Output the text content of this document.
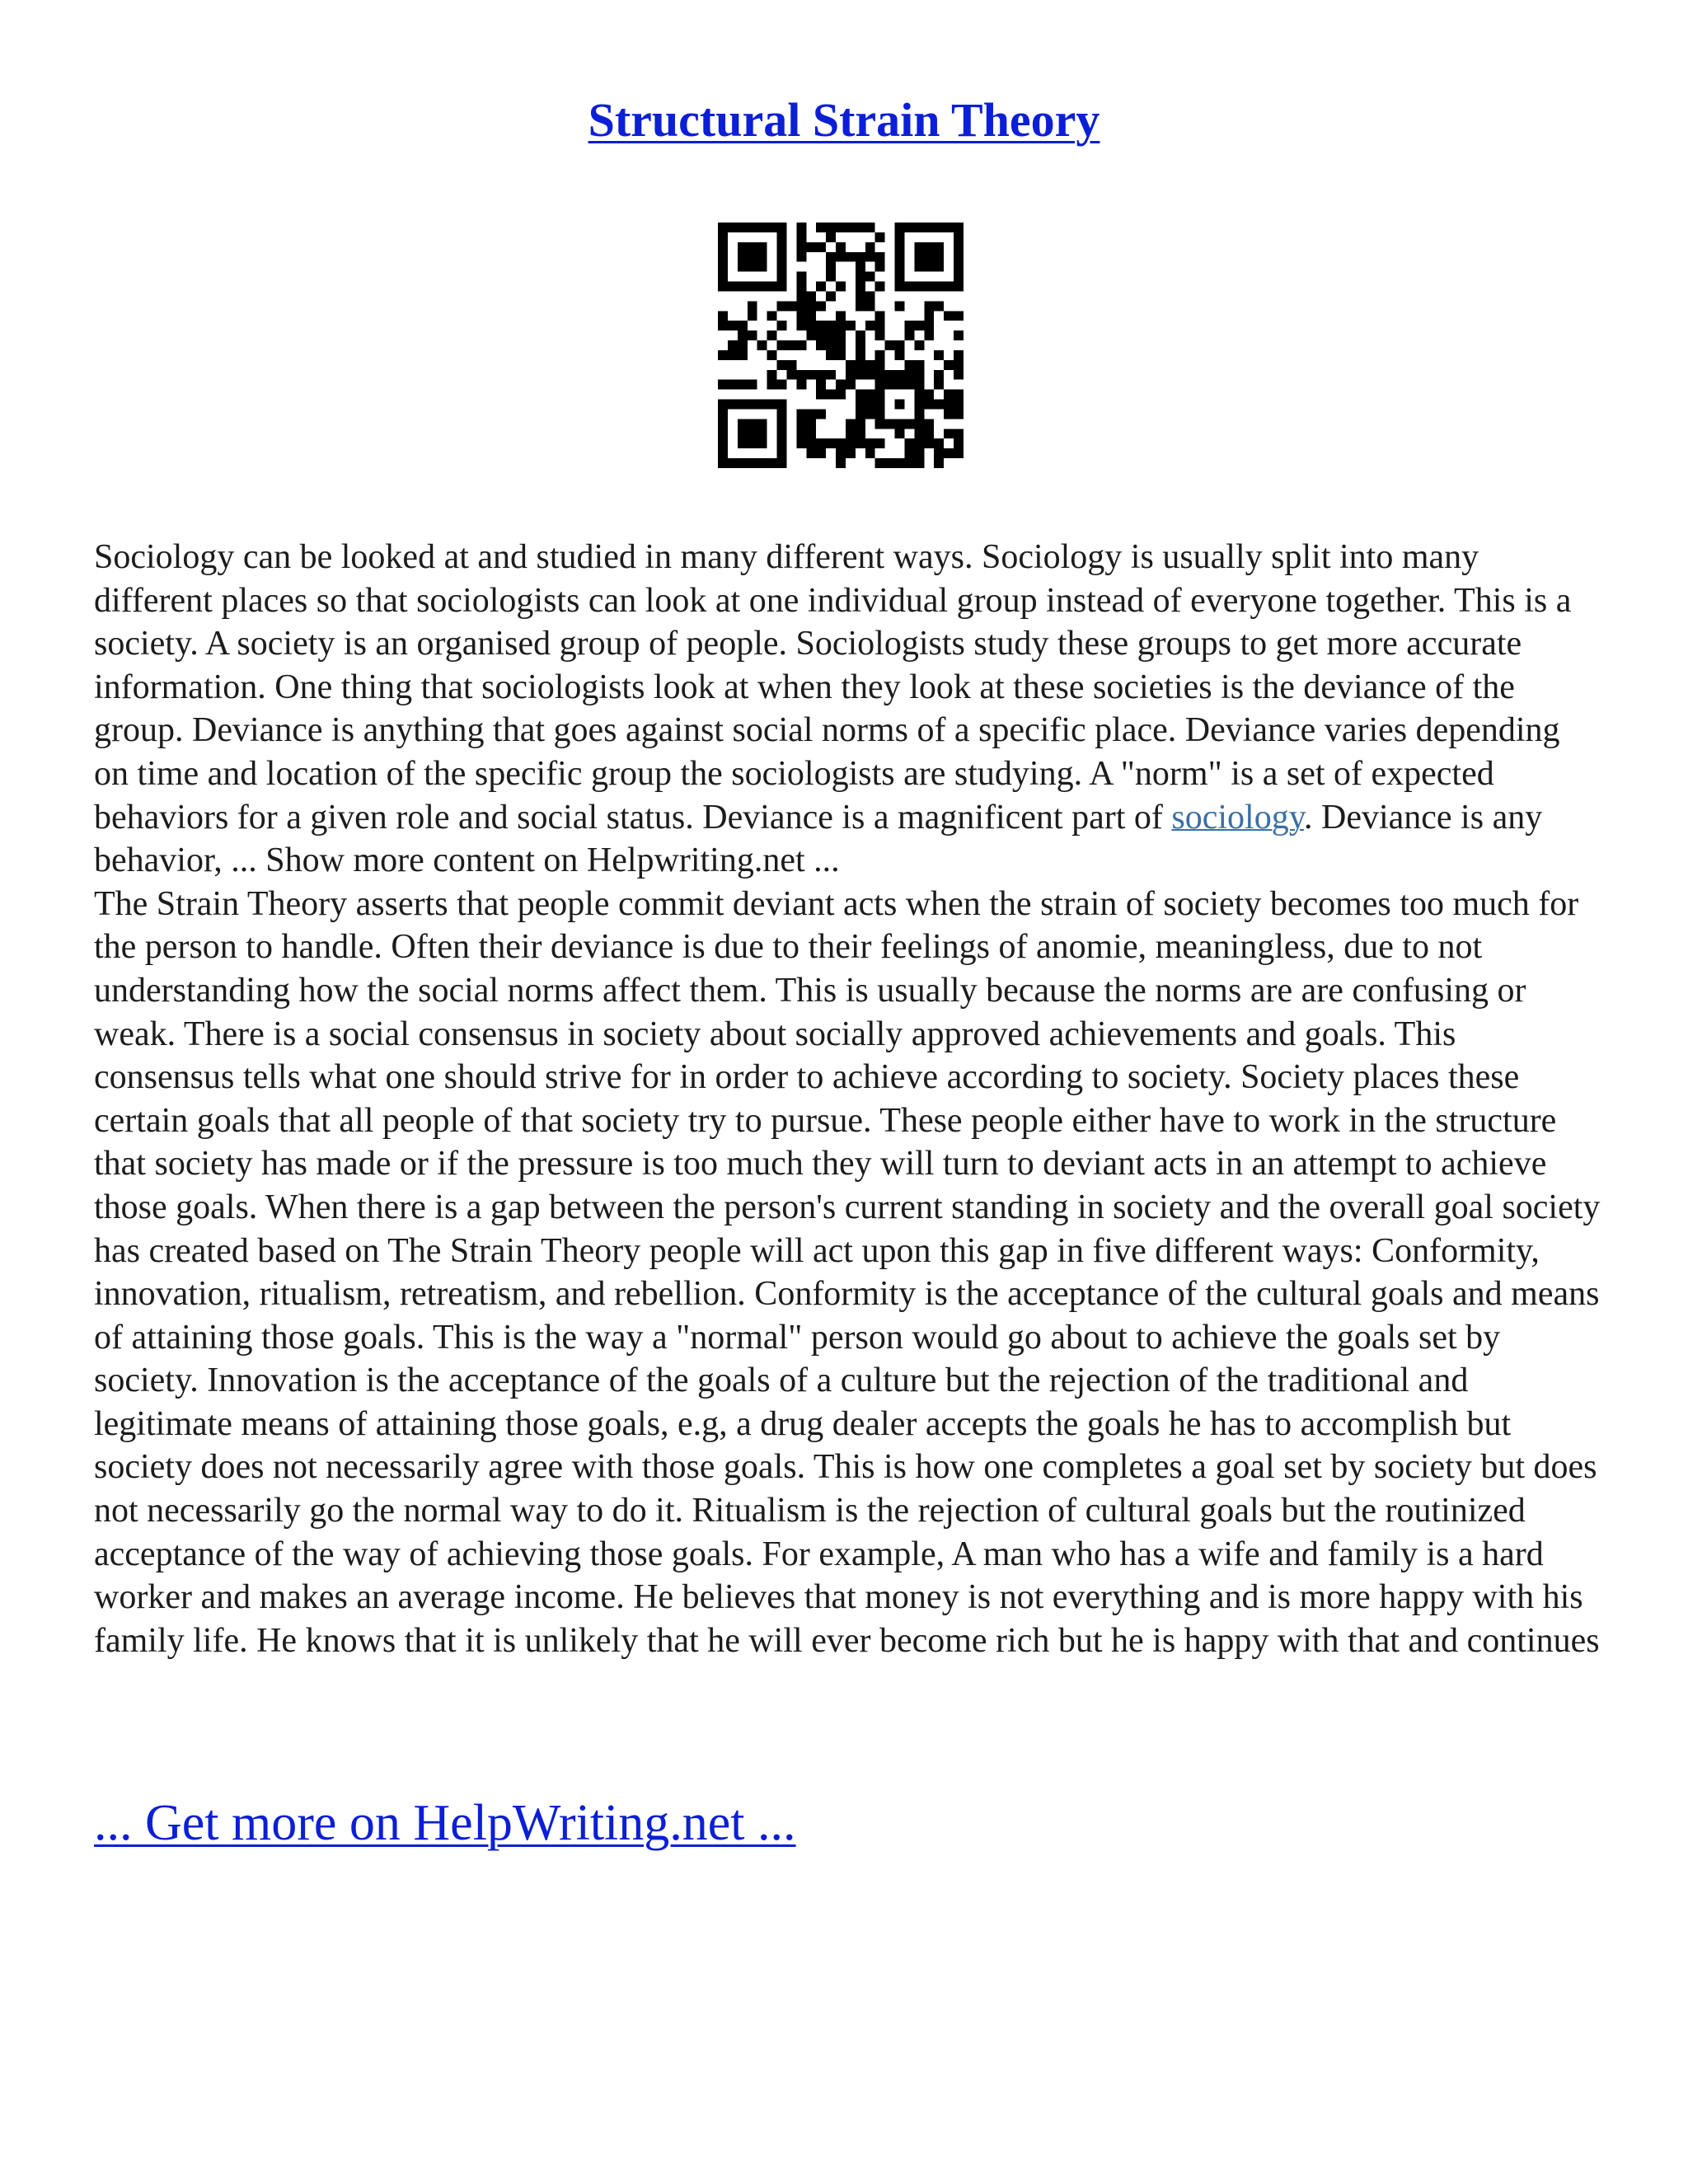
Structural Strain Theory

Sociology can be looked at and studied in many different ways. Sociology is usually split into many different places so that sociologists can look at one individual group instead of everyone together. This is a society. A society is an organised group of people. Sociologists study these groups to get more accurate information. One thing that sociologists look at when they look at these societies is the deviance of the group. Deviance is anything that goes against social norms of a specific place. Deviance varies depending on time and location of the specific group the sociologists are studying. A "norm" is a set of expected behaviors for a given role and social status. Deviance is a magnificent part of sociology. Deviance is any behavior, ... Show more content on Helpwriting.net ...

The Strain Theory asserts that people commit deviant acts when the strain of society becomes too much for the person to handle. Often their deviance is due to their feelings of anomie, meaningless, due to not understanding how the social norms affect them. This is usually because the norms are are confusing or weak. There is a social consensus in society about socially approved achievements and goals. This consensus tells what one should strive for in order to achieve according to society. Society places these certain goals that all people of that society try to pursue. These people either have to work in the structure that society has made or if the pressure is too much they will turn to deviant acts in an attempt to achieve those goals. When there is a gap between the person's current standing in society and the overall goal society has created based on The Strain Theory people will act upon this gap in five different ways: Conformity, innovation, ritualism, retreatism, and rebellion. Conformity is the acceptance of the cultural goals and means of attaining those goals. This is the way a "normal" person would go about to achieve the goals set by society. Innovation is the acceptance of the goals of a culture but the rejection of the traditional and legitimate means of attaining those goals, e.g, a drug dealer accepts the goals he has to accomplish but society does not necessarily agree with those goals. This is how one completes a goal set by society but does not necessarily go the normal way to do it. Ritualism is the rejection of cultural goals but the routinized acceptance of the way of achieving those goals. For example, A man who has a wife and family is a hard worker and makes an average income. He believes that money is not everything and is more happy with his family life. He knows that it is unlikely that he will ever become rich but he is happy with that and continues

... Get more on HelpWriting.net ...
